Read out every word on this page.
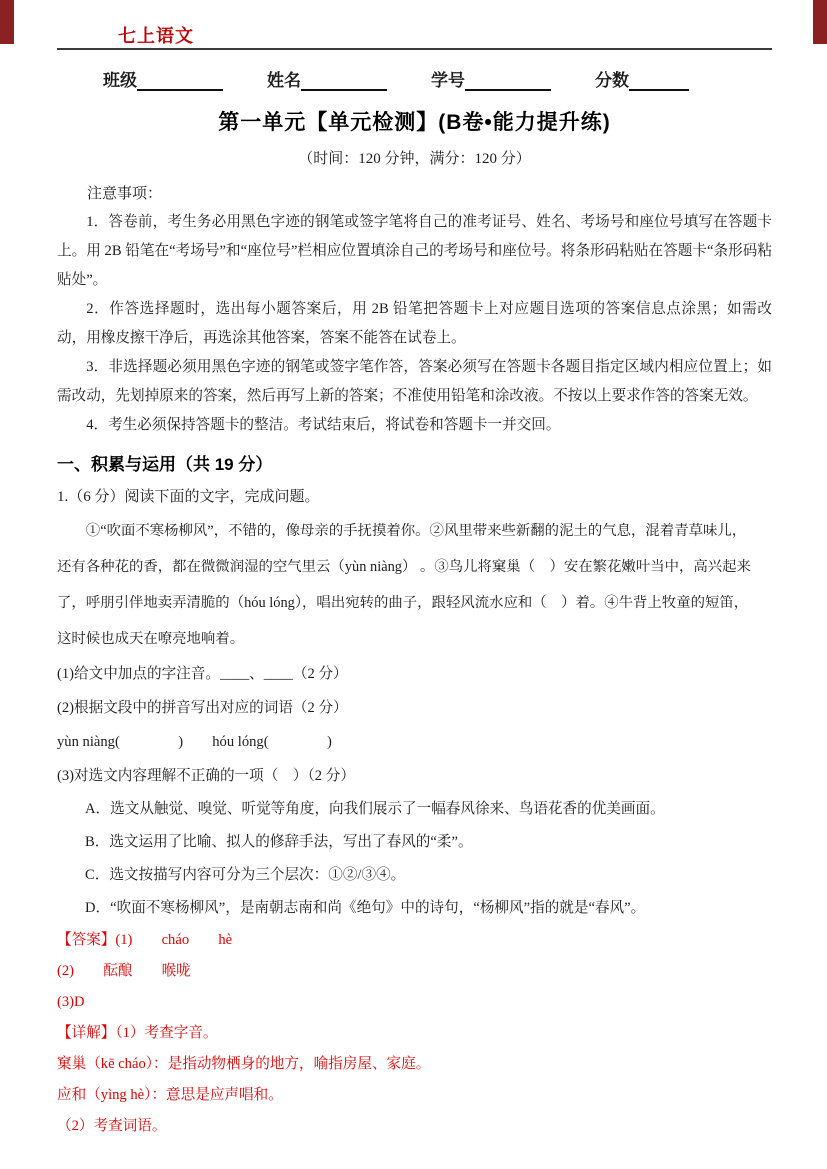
七上语文
班级	姓名	学号	分数
第一单元【单元检测】(B卷•能力提升练)
（时间：120 分钟，满分：120 分）
注意事项：

1．答卷前，考生务必用黑色字迹的钢笔或签字笔将自己的准考证号、姓名、考场号和座位号填写在答题卡上。用 2B 铅笔在“考场号”和“座位号”栏相应位置填涂自己的考场号和座位号。将条形码粘贴在答题卡“条形码粘贴处”。

2．作答选择题时，选出每小题答案后，用 2B 铅笔把答题卡上对应题目选项的答案信息点涂黑；如需改动，用橡皮擦干净后，再选涂其他答案，答案不能答在试卷上。

3．非选择题必须用黑色字迹的钢笔或签字笔作答，答案必须写在答题卡各题目指定区域内相应位置上；如需改动，先划掉原来的答案，然后再写上新的答案；不准使用铅笔和涂改液。不按以上要求作答的答案无效。

4．考生必须保持答题卡的整洁。考试结束后，将试卷和答题卡一并交回。

一、积累与运用（共 19 分）

1.（6 分）阅读下面的文字，完成问题。

①“吹面不寒杨柳风”，不错的，像母亲的手抚摸着你。②风里带来些新翻的泥土的气息，混着青草味儿，
还有各种花的香，都在微微润湿的空气里云（yùn niàng） 。③鸟儿将窠巢（　）安在繁花嫩叶当中，高兴起来
了，呼朋引伴地卖弄清脆的（hóu lóng），唱出宛转的曲子，跟轻风流水应和（　）着。④牛背上牧童的短笛，
这时候也成天在嘹亮地响着。
(1)给文中加点的字注音。____、____（2 分）
(2)根据文段中的拼音写出对应的词语（2 分）
yùn niàng(　　　　)　　hóu lóng(　　　　)
(3)对选文内容理解不正确的一项（　）（2 分）
A．选文从触觉、嗅觉、听觉等角度，向我们展示了一幅春风徐来、鸟语花香的优美画面。
B．选文运用了比喻、拟人的修辞手法，写出了春风的“柔”。
C．选文按描写内容可分为三个层次：①②/③④。
D．“吹面不寒杨柳风”，是南朝志南和尚《绝句》中的诗句，“杨柳风”指的就是“春风”。
【答案】(1)　　cháo　　hè
(2)　　酝酿　　喉咙
(3)D
【详解】（1）考查字音。
窠巢（kē cháo）：是指动物栖身的地方，喻指房屋、家庭。
应和（yìng hè）：意思是应声唱和。
（2）考查词语。
